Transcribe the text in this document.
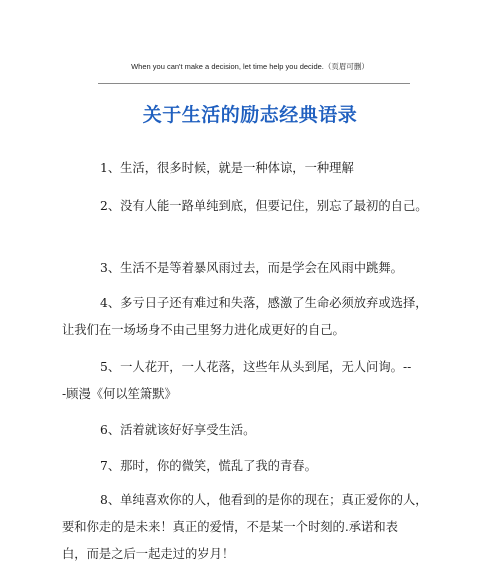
When you can't make a decision, let time help you decide.（页眉可删）
关于生活的励志经典语录
1、生活，很多时候，就是一种体谅，一种理解
2、没有人能一路单纯到底，但要记住，别忘了最初的自己。
3、生活不是等着暴风雨过去，而是学会在风雨中跳舞。
4、多亏日子还有难过和失落，感激了生命必须放弃或选择，
让我们在一场场身不由己里努力进化成更好的自己。
5、一人花开，一人花落，这些年从头到尾，无人问询。--
-顾漫《何以笙箫默》
6、活着就该好好享受生活。
7、那时，你的微笑，慌乱了我的青春。
8、单纯喜欢你的人，他看到的是你的现在；真正爱你的人，
要和你走的是未来！真正的爱情，不是某一个时刻的.承诺和表
白，而是之后一起走过的岁月！
